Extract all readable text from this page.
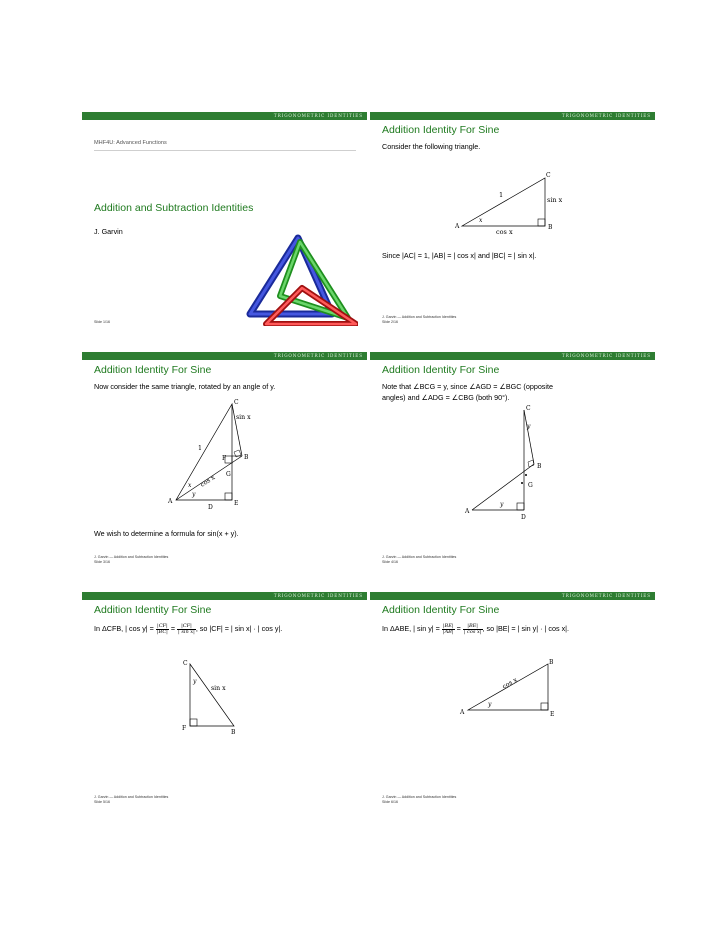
TRIGONOMETRIC IDENTITIES
MHF4U: Advanced Functions
Addition and Subtraction Identities
J. Garvin
Slide 1/16
TRIGONOMETRIC IDENTITIES
Addition Identity For Sine
Consider the following triangle.
C
A	B
1
sin x
cos x
x
Since |AC| = 1, |AB| = | cos x| and |BC| = | sin x|.
J. Garvin — Addition and Subtraction Identities
Slide 2/16
TRIGONOMETRIC IDENTITIES
Addition Identity For Sine
Now consider the same triangle, rotated by an angle of y.
C
sin x
1
F	B
cos x G
x
y
A
D
E
We wish to determine a formula for sin(x + y).
J. Garvin — Addition and Subtraction Identities
Slide 3/16
TRIGONOMETRIC IDENTITIES
Addition Identity For Sine
Note that ∠BCG = y, since ∠AGD = ∠BGC (opposite
angles) and ∠ADG = ∠CBG (both 90°).
C
y
B
G
y
A
D
J. Garvin — Addition and Subtraction Identities
Slide 4/16
TRIGONOMETRIC IDENTITIES
Addition Identity For Sine
In ΔCFB, | $\cos y| = \frac{|CF|}{|BC|} = \frac{|CF|}{\text{| sin x|}}$ , so |CF| = | sin x| · | cos y|.
C
y
sin x
F
B
J. Garvin — Addition and Subtraction Identities
Slide 5/16
TRIGONOMETRIC IDENTITIES
Addition Identity For Sine
In ΔABE, | $\sin y| = \frac{|BE|}{|AB|} = \frac{|BE|}{\text{| cos x|}}$ , so |BE| = | sin y| · | cos x|.
B
cos x
y
A	E
J. Garvin — Addition and Subtraction Identities
Slide 6/16
